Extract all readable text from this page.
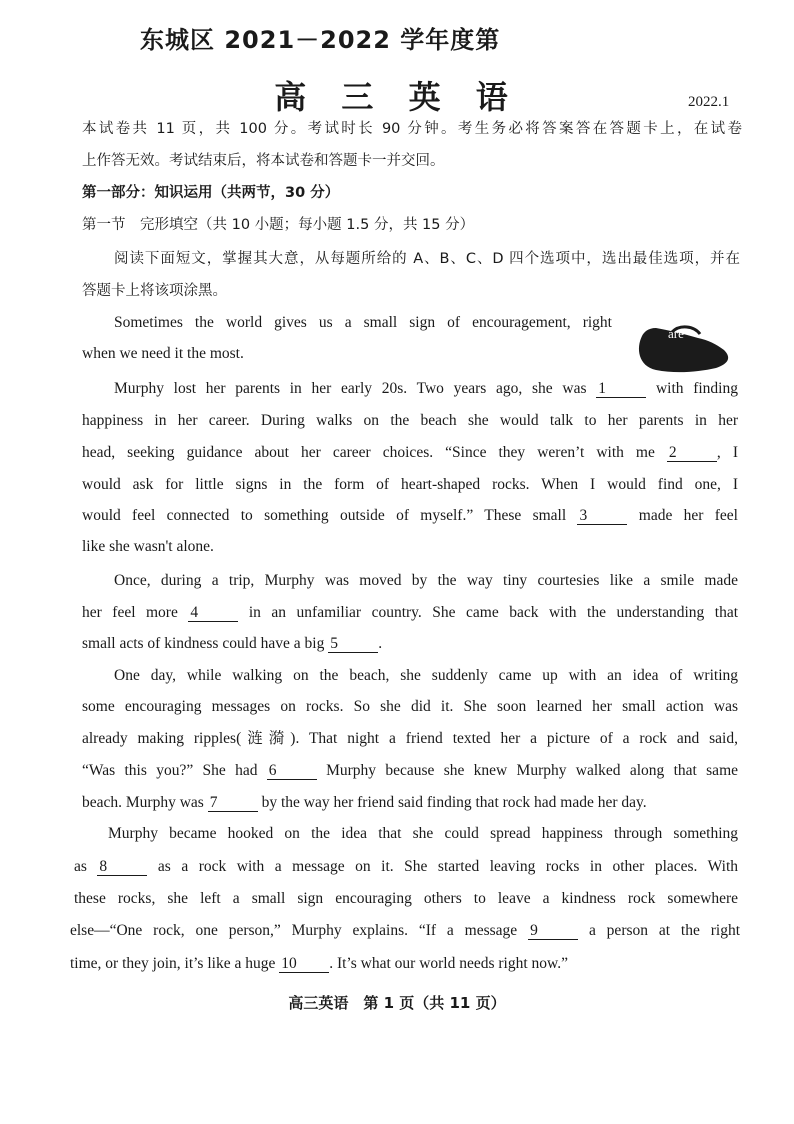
东城区 2021－2022 学年度第
高 三 英 语	2022.1
本试卷共 11 页，共 100 分。考试时长 90 分钟。考生务必将答案答在答题卡上，在试卷
上作答无效。考试结束后，将本试卷和答题卡一并交回。
第一部分：知识运用（共两节，30 分）
第一节　完形填空（共 10 小题；每小题 1.5 分，共 15 分）
阅读下面短文，掌握其大意，从每题所给的 A、B、C、D 四个选项中，选出最佳选项，并在
答题卡上将该项涂黑。
Sometimes the world gives us a small sign of encouragement, right
when we need it the most.
are
Murphy lost her parents in her early 20s. Two years ago, she was 1	with finding
happiness in her career. During walks on the beach she would talk to her parents in her
head, seeking guidance about her career choices. “Since they weren’t with me 2	, I
would ask for little signs in the form of heart-shaped rocks. When I would find one, I
would feel connected to something outside of myself.” These small 3	made her feel
like she wasn't alone.
Once, during a trip, Murphy was moved by the way tiny courtesies like a smile made
her feel more 4	in an unfamiliar country. She came back with the understanding that
small acts of kindness could have a big 5	.
One day, while walking on the beach, she suddenly came up with an idea of writing
some encouraging messages on rocks. So she did it. She soon learned her small action was
already making ripples(涟漪). That night a friend texted her a picture of a rock and said,
“Was this you?” She had 6	Murphy because she knew Murphy walked along that same
beach. Murphy was 7	by the way her friend said finding that rock had made her day.
Murphy became hooked on the idea that she could spread happiness through something
as 8	as a rock with a message on it. She started leaving rocks in other places. With
these rocks, she left a small sign encouraging others to leave a kindness rock somewhere
else—“One rock, one person,” Murphy explains. “If a message 9	a person at the right
time, or they join, it’s like a huge 10 . It’s what our world needs right now.”
高三英语　第 1 页（共 11 页）
